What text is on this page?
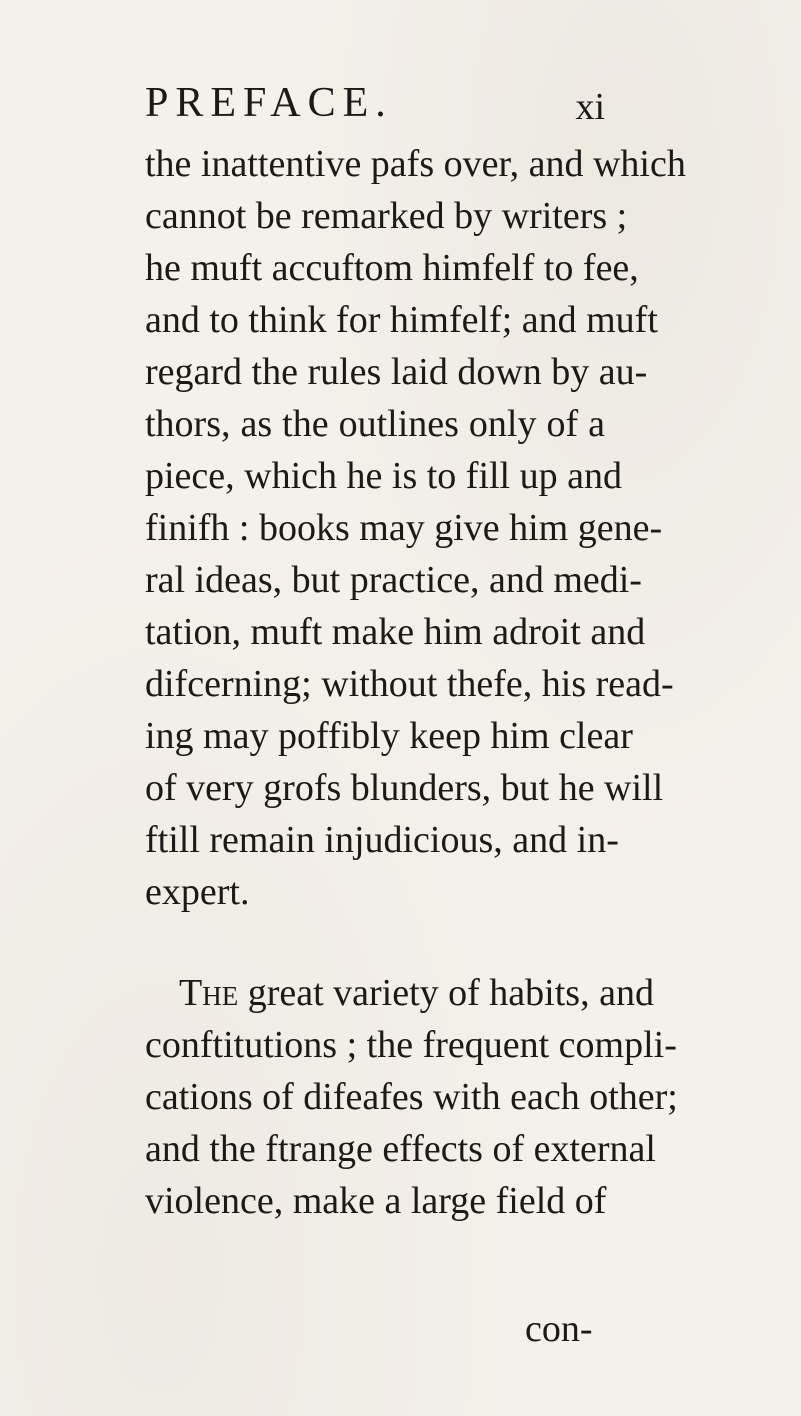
PREFACE.	xi
the inattentive pafs over, and which
cannot be remarked by writers ;
he muft accuftom himfelf to fee,
and to think for himfelf; and muft
regard the rules laid down by au-
thors, as the outlines only of a
piece, which he is to fill up and
finifh : books may give him gene-
ral ideas, but practice, and medi-
tation, muft make him adroit and
difcerning; without thefe, his read-
ing may poffibly keep him clear
of very grofs blunders, but he will
ftill remain injudicious, and in-
expert.
The great variety of habits, and
conftitutions ; the frequent compli-
cations of difeafes with each other;
and the ftrange effects of external
violence, make a large field of
con-
